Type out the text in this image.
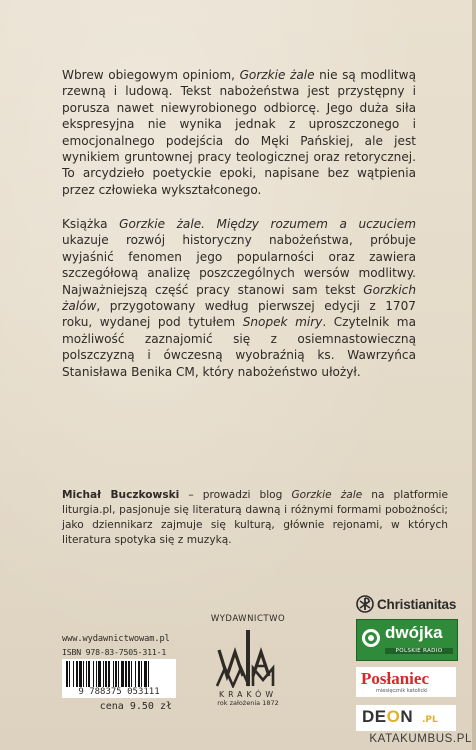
Wbrew obiegowym opiniom, Gorzkie żale nie są modlitwą rzewną i ludową. Tekst nabożeństwa jest przystępny i porusza nawet niewyrobionego odbiorcę. Jego duża siła ekspresyjna nie wynika jednak z uproszczonego i emocjonalnego podejścia do Męki Pańskiej, ale jest wynikiem gruntownej pracy teologicznej oraz retorycznej. To arcydzieło poetyckie epoki, napisane bez wątpienia przez człowieka wykształconego.

Książka Gorzkie żale. Między rozumem a uczuciem ukazuje rozwój historyczny nabożeństwa, próbuje wyjaśnić fenomen jego popularności oraz zawiera szczegółową analizę poszczególnych wersów modlitwy. Najważniejszą część pracy stanowi sam tekst Gorzkich żalów, przygotowany według pierwszej edycji z 1707 roku, wydanej pod tytułem Snopek miry. Czytelnik ma możliwość zaznajomić się z osiemnastowieczną polszczyzną i ówczesną wyobraźnią ks. Wawrzyńca Stanisława Benika CM, który nabożeństwo ułożył.

Michał Buczkowski – prowadzi blog Gorzkie żale na platformie liturgia.pl, pasjonuje się literaturą dawną i różnymi formami pobożności; jako dziennikarz zajmuje się kulturą, głównie rejonami, w których literatura spotyka się z muzyką.

www.wydawnictwowam.pl

ISBN 978-83-7505-311-1

9 788375 053111
cena 9.50 zł

WYDAWNICTWO

KRAKÓW

rok założenia 1872

Christianitas
dwójka
POLSKIE RADIO
Posłaniec
miesięcznik katolicki
DEON .PL
KATAKUMBUS.PL
